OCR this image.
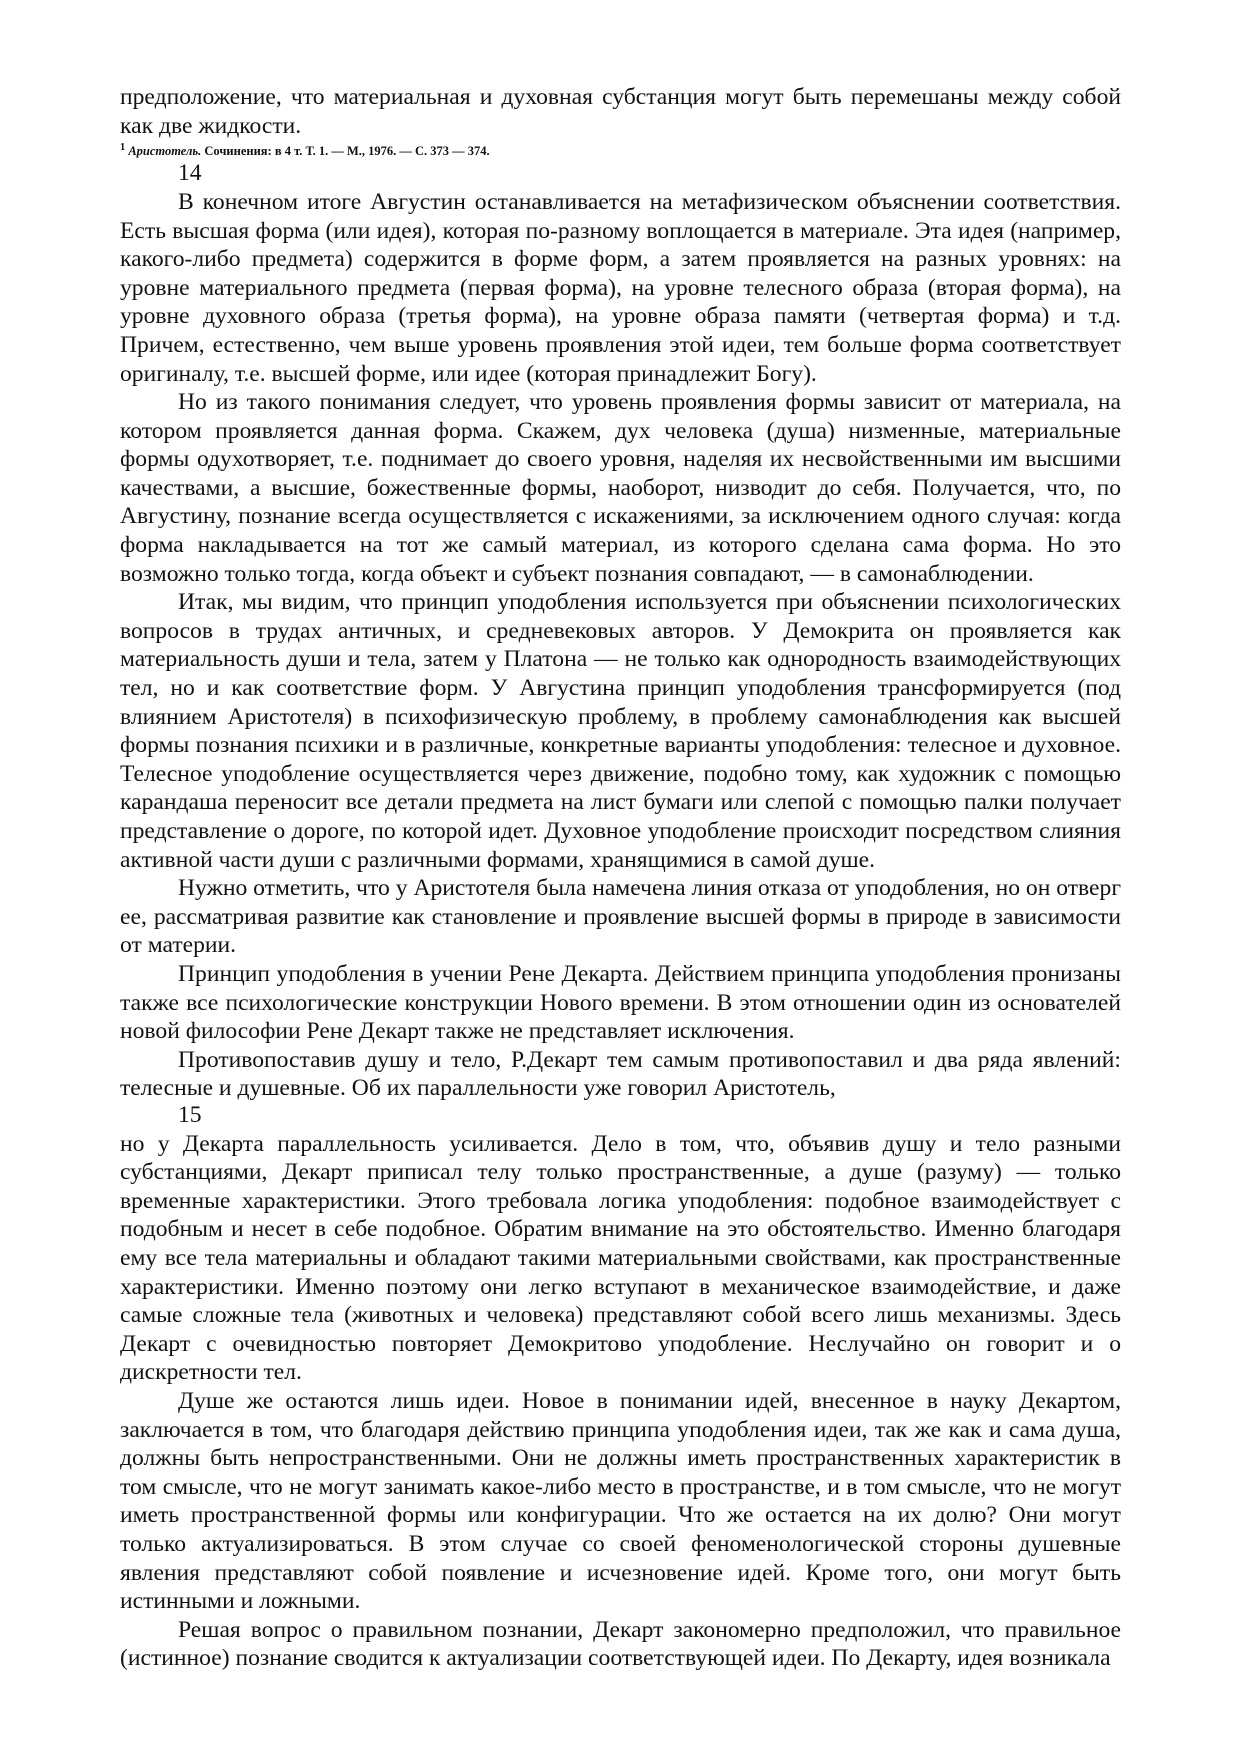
предположение, что материальная и духовная субстанция могут быть перемешаны между собой как две жидкости.

$^1$ Аристотель. Сочинения: в 4 т. Т. 1. — М., 1976. — С. 373 — 374.

14

В конечном итоге Августин останавливается на метафизическом объяснении соответствия. Есть высшая форма (или идея), которая по-разному воплощается в материале. Эта идея (например, какого-либо предмета) содержится в форме форм, а затем проявляется на разных уровнях: на уровне материального предмета (первая форма), на уровне телесного образа (вторая форма), на уровне духовного образа (третья форма), на уровне образа памяти (четвертая форма) и т.д. Причем, естественно, чем выше уровень проявления этой идеи, тем больше форма соответствует оригиналу, т.е. высшей форме, или идее (которая принадлежит Богу).

Но из такого понимания следует, что уровень проявления формы зависит от материала, на котором проявляется данная форма. Скажем, дух человека (душа) низменные, материальные формы одухотворяет, т.е. поднимает до своего уровня, наделяя их несвойственными им высшими качествами, а высшие, божественные формы, наоборот, низводит до себя. Получается, что, по Августину, познание всегда осуществляется с искажениями, за исключением одного случая: когда форма накладывается на тот же самый материал, из которого сделана сама форма. Но это возможно только тогда, когда объект и субъект познания совпадают, — в самонаблюдении.

Итак, мы видим, что принцип уподобления используется при объяснении психологических вопросов в трудах античных, и средневековых авторов. У Демокрита он проявляется как материальность души и тела, затем у Платона — не только как однородность взаимодействующих тел, но и как соответствие форм. У Августина принцип уподобления трансформируется (под влиянием Аристотеля) в психофизическую проблему, в проблему самонаблюдения как высшей формы познания психики и в различные, конкретные варианты уподобления: телесное и духовное. Телесное уподобление осуществляется через движение, подобно тому, как художник с помощью карандаша переносит все детали предмета на лист бумаги или слепой с помощью палки получает представление о дороге, по которой идет. Духовное уподобление происходит посредством слияния активной части души с различными формами, хранящимися в самой душе.

Нужно отметить, что у Аристотеля была намечена линия отказа от уподобления, но он отверг ее, рассматривая развитие как становление и проявление высшей формы в природе в зависимости от материи.

Принцип уподобления в учении Рене Декарта. Действием принципа уподобления пронизаны также все психологические конструкции Нового времени. В этом отношении один из основателей новой философии Рене Декарт также не представляет исключения.

Противопоставив душу и тело, Р.Декарт тем самым противопоставил и два ряда явлений: телесные и душевные. Об их параллельности уже говорил Аристотель,

15

но у Декарта параллельность усиливается. Дело в том, что, объявив душу и тело разными субстанциями, Декарт приписал телу только пространственные, а душе (разуму) — только временные характеристики. Этого требовала логика уподобления: подобное взаимодействует с подобным и несет в себе подобное. Обратим внимание на это обстоятельство. Именно благодаря ему все тела материальны и обладают такими материальными свойствами, как пространственные характеристики. Именно поэтому они легко вступают в механическое взаимодействие, и даже самые сложные тела (животных и человека) представляют собой всего лишь механизмы. Здесь Декарт с очевидностью повторяет Демокритово уподобление. Неслучайно он говорит и о дискретности тел.

Душе же остаются лишь идеи. Новое в понимании идей, внесенное в науку Декартом, заключается в том, что благодаря действию принципа уподобления идеи, так же как и сама душа, должны быть непространственными. Они не должны иметь пространственных характеристик в том смысле, что не могут занимать какое-либо место в пространстве, и в том смысле, что не могут иметь пространственной формы или конфигурации. Что же остается на их долю? Они могут только актуализироваться. В этом случае со своей феноменологической стороны душевные явления представляют собой появление и исчезновение идей. Кроме того, они могут быть истинными и ложными.

Решая вопрос о правильном познании, Декарт закономерно предположил, что правильное (истинное) познание сводится к актуализации соответствующей идеи. По Декарту, идея возникала
